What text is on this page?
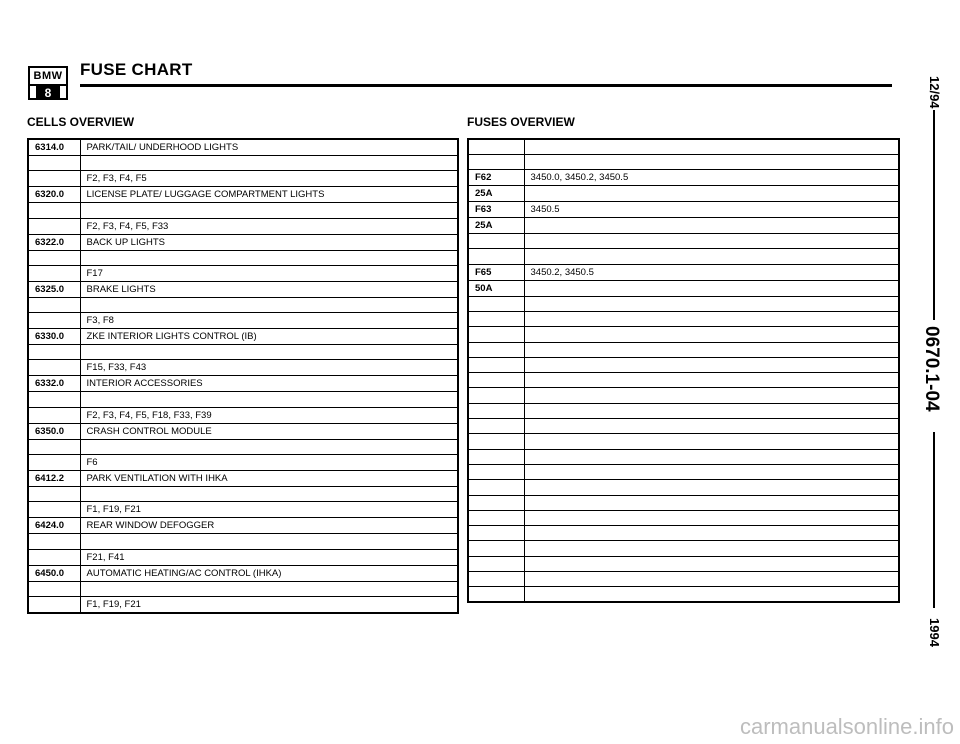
BMW
8
FUSE CHART
CELLS OVERVIEW	FUSES OVERVIEW
6314.0	PARK/TAIL/ UNDERHOOD LIGHTS

	F2, F3, F4, F5
6320.0	LICENSE PLATE/ LUGGAGE COMPARTMENT LIGHTS

	F2, F3, F4, F5, F33
6322.0	BACK UP LIGHTS

	F17
6325.0	BRAKE LIGHTS

	F3, F8
6330.0	ZKE INTERIOR LIGHTS CONTROL (IB)

	F15, F33, F43
6332.0	INTERIOR ACCESSORIES

	F2, F3, F4, F5, F18, F33, F39
6350.0	CRASH CONTROL MODULE

	F6
6412.2	PARK VENTILATION WITH IHKA

	F1, F19, F21
6424.0	REAR WINDOW DEFOGGER

	F21, F41
6450.0	AUTOMATIC HEATING/AC CONTROL (IHKA)

	F1, F19, F21

F62	3450.0, 3450.2, 3450.5
25A	
F63	3450.5
25A	

F65	3450.2, 3450.5
50A	

12/94
0670.1-04
1994
carmanualsonline.info
